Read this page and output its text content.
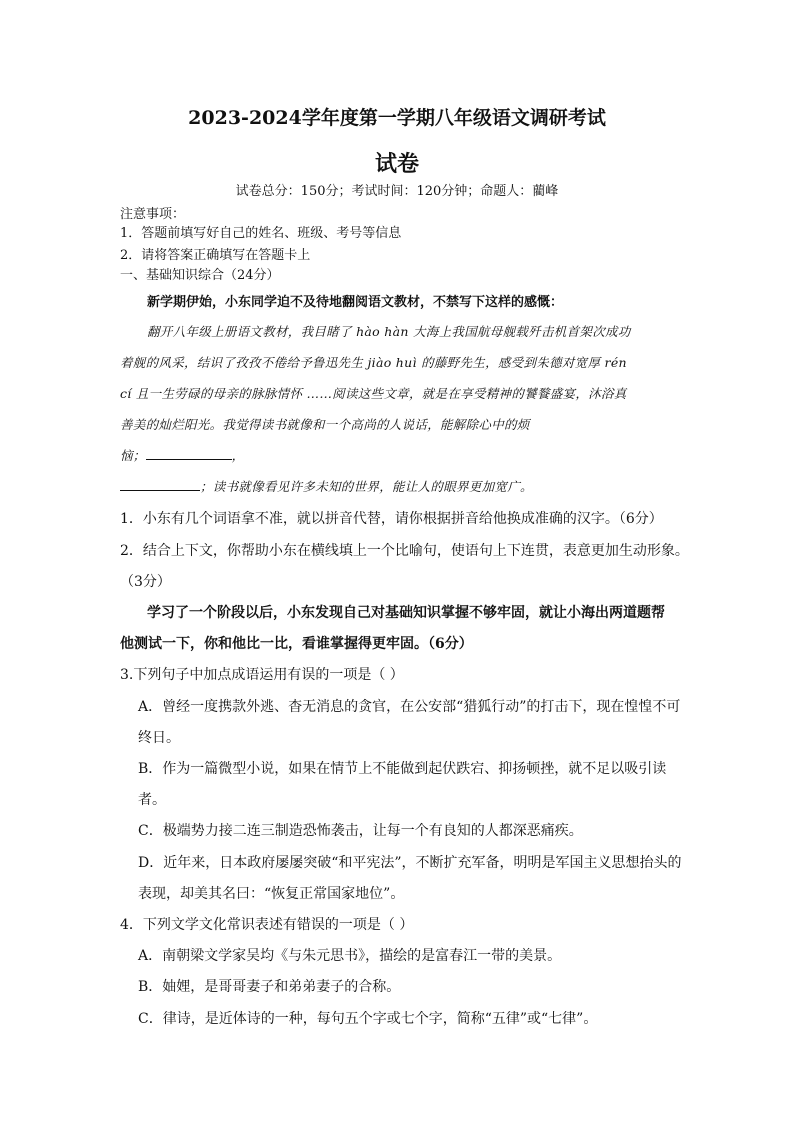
2023-2024学年度第一学期八年级语文调研考试
试卷
试卷总分：150分；考试时间：120分钟；命题人：藺峰
注意事项：
1．答题前填写好自己的姓名、班级、考号等信息
2．请将答案正确填写在答题卡上
一、基础知识综合（24分）
新学期伊始，小东同学迫不及待地翻阅语文教材，不禁写下这样的感慨：
翻开八年级上册语文教材，我目睹了 hào hàn 大海上我国航母舰载歼击机首架次成功
着舰的风采，结识了孜孜不倦给予鲁迅先生 jiào huì 的藤野先生，感受到朱德对宽厚 rén
cí 且一生劳碌的母亲的脉脉情怀 ……阅读这些文章，就是在享受精神的饕餮盛宴，沐浴真
善美的灿烂阳光。我觉得读书就像和一个高尚的人说话，能解除心中的烦
恼；	，
；读书就像看见许多未知的世界，能让人的眼界更加宽广。
1．小东有几个词语拿不准，就以拼音代替，请你根据拼音给他换成准确的汉字。（6分）
2．结合上下文，你帮助小东在横线填上一个比喻句，使语句上下连贯，表意更加生动形象。
（3分）
学习了一个阶段以后，小东发现自己对基础知识掌握不够牢固，就让小海出两道题帮
他测试一下，你和他比一比，看谁掌握得更牢固。（6分）
3.下列句子中加点成语运用有误的一项是（ ）
A．曾经一度携款外逃、杳无消息的贪官，在公安部“猎狐行动”的打击下，现在惶惶不可
终日。
B．作为一篇微型小说，如果在情节上不能做到起伏跌宕、抑扬顿挫，就不足以吸引读
者。
C．极端势力接二连三制造恐怖袭击，让每一个有良知的人都深恶痛疾。
D．近年来，日本政府屡屡突破“和平宪法”，不断扩充军备，明明是军国主义思想抬头的
表现，却美其名曰：“恢复正常国家地位”。
4．下列文学文化常识表述有错误的一项是（ ）
A．南朝梁文学家吴均《与朱元思书》，描绘的是富春江一带的美景。
B．妯娌，是哥哥妻子和弟弟妻子的合称。
C．律诗，是近体诗的一种，每句五个字或七个字，简称“五律”或“七律”。
